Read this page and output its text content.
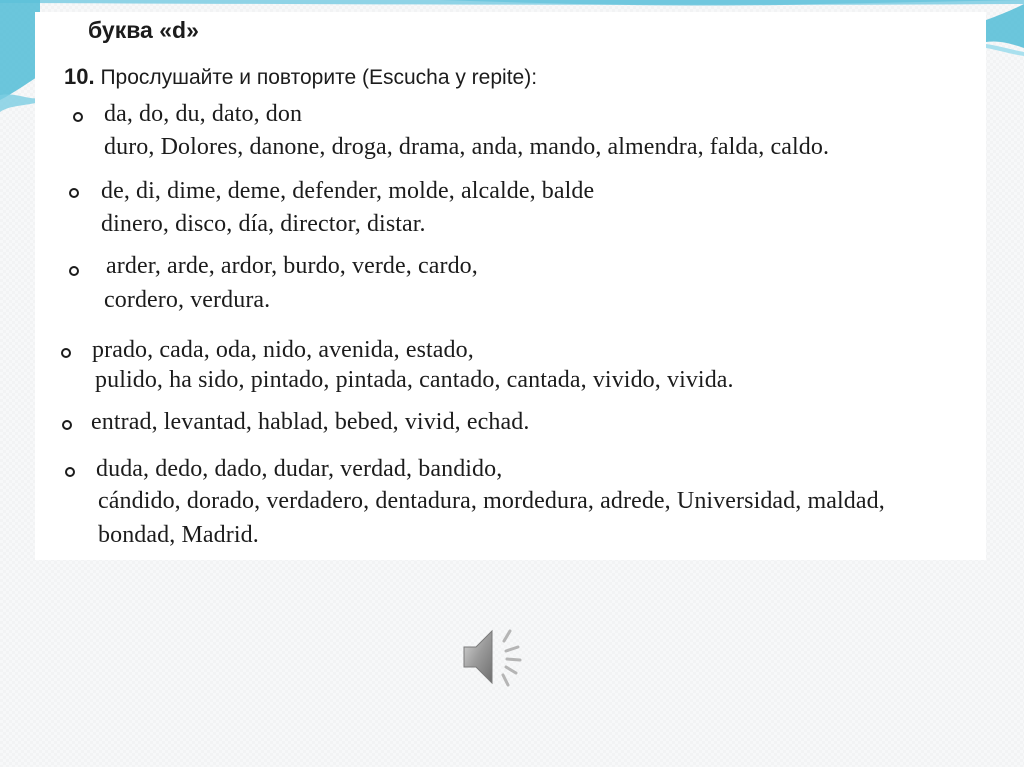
буква «d»
10. Прослушайте и повторите (Escucha y repite):
da, do, du, dato, don
duro, Dolores, danone, droga, drama, anda, mando, almendra, falda, caldo.
de, di, dime, deme, defender, molde, alcalde, balde
dinero, disco, día, director, distar.
arder, arde, ardor, burdo, verde, cardo,
cordero, verdura.
prado, cada, oda, nido, avenida, estado,
pulido, ha sido, pintado, pintada, cantado, cantada, vivido, vivida.
entrad, levantad, hablad, bebed, vivid, echad.
duda, dedo, dado, dudar, verdad, bandido,
cándido, dorado, verdadero, dentadura, mordedura, adrede, Universidad, maldad,
bondad, Madrid.
